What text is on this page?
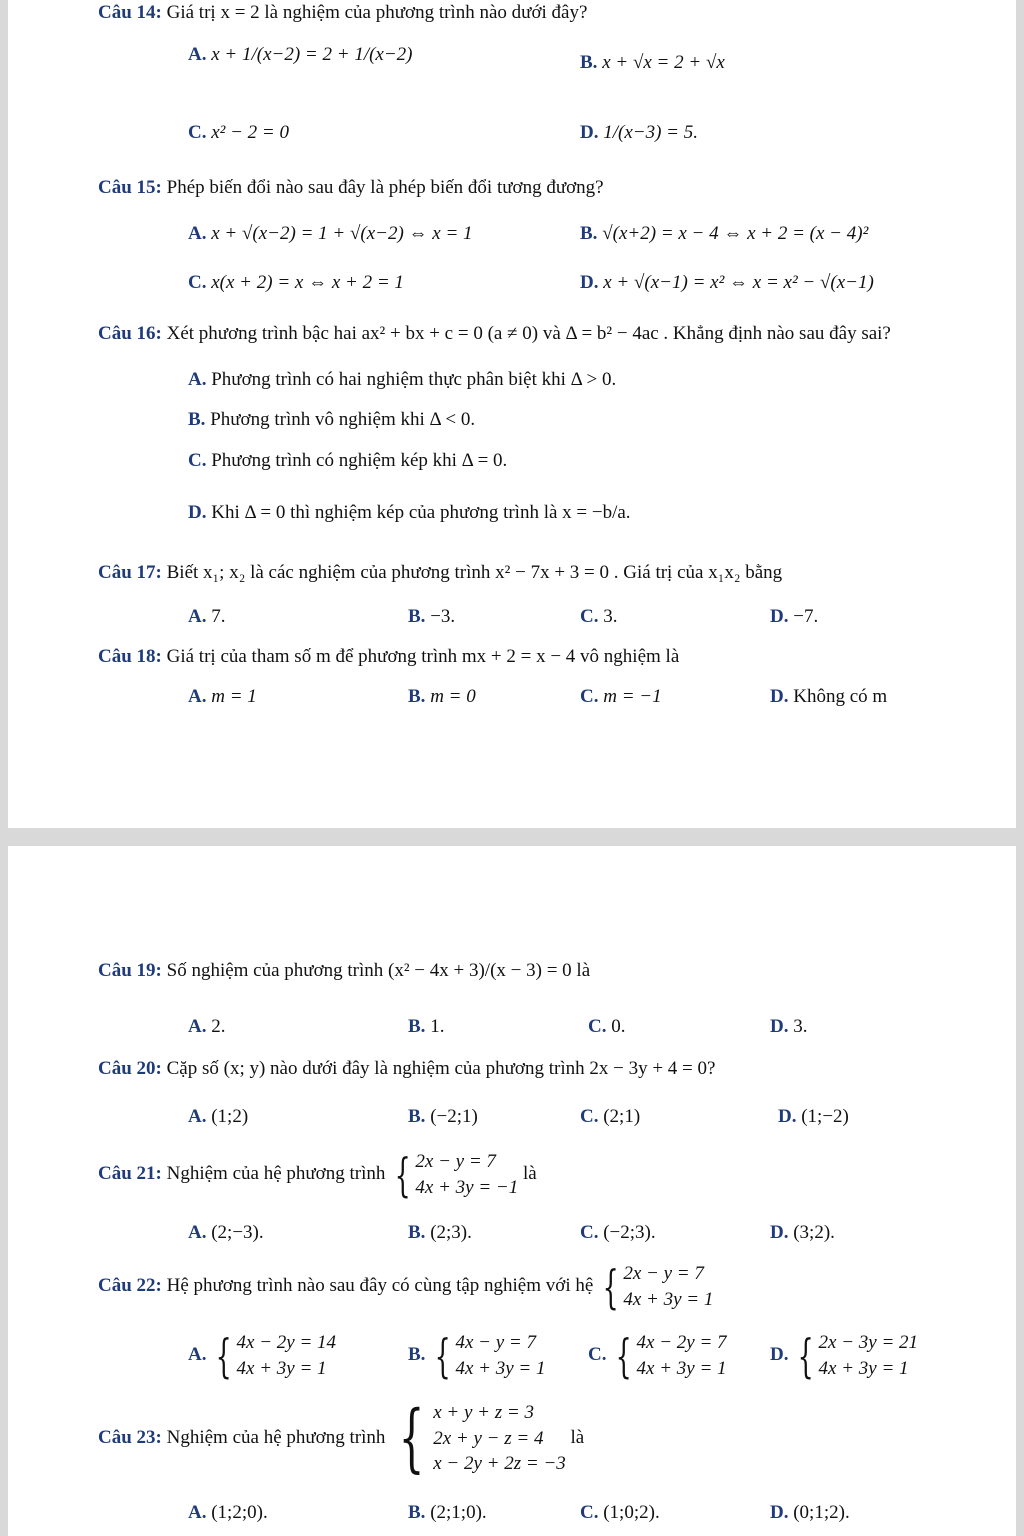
Câu 14: Giá trị x = 2 là nghiệm của phương trình nào dưới đây?
A. x + 1/(x−2) = 2 + 1/(x−2)	B. x + √x = 2 + √x
C. x² − 2 = 0	D. 1/(x−3) = 5.
Câu 15: Phép biến đổi nào sau đây là phép biến đổi tương đương?
A. x + √(x−2) = 1 + √(x−2) ⇔ x = 1	B. √(x+2) = x − 4 ⇔ x + 2 = (x − 4)²
C. x(x + 2) = x ⇔ x + 2 = 1	D. x + √(x−1) = x² ⇔ x = x² − √(x−1)
Câu 16: Xét phương trình bậc hai ax² + bx + c = 0 (a ≠ 0) và Δ = b² − 4ac . Khẳng định nào sau đây sai?
A. Phương trình có hai nghiệm thực phân biệt khi Δ > 0.
B. Phương trình vô nghiệm khi Δ < 0.
C. Phương trình có nghiệm kép khi Δ = 0.
D. Khi Δ = 0 thì nghiệm kép của phương trình là x = −b/a.
Câu 17: Biết x₁; x₂ là các nghiệm của phương trình x² − 7x + 3 = 0 . Giá trị của x₁x₂ bằng
A. 7.	B. −3.	C. 3.	D. −7.
Câu 18: Giá trị của tham số m để phương trình mx + 2 = x − 4 vô nghiệm là
A. m = 1	B. m = 0	C. m = −1	D. Không có m
Câu 19: Số nghiệm của phương trình (x² − 4x + 3)/(x − 3) = 0 là
A. 2.	B. 1.	C. 0.	D. 3.
Câu 20: Cặp số (x; y) nào dưới đây là nghiệm của phương trình 2x − 3y + 4 = 0?
A. (1;2)	B. (−2;1)	C. (2;1)	D. (1;−2)
Câu 21: Nghiệm của hệ phương trình { 2x − y = 7
4x + 3y = −1
là
A. (2;−3).	B. (2;3).	C. (−2;3).	D. (3;2).
Câu 22: Hệ phương trình nào sau đây có cùng tập nghiệm với hệ { 2x − y = 7
4x + 3y = 1
A. { 4x − 2y = 14
4x + 3y = 1
B. { 4x − y = 7
4x + 3y = 1
C. { 4x − 2y = 7
4x + 3y = 1
D. { 2x − 3y = 21
4x + 3y = 1
Câu 23: Nghiệm của hệ phương trình { x + y + z = 3
2x + y − z = 4
x − 2y + 2z = −3
là
A. (1;2;0).	B. (2;1;0).	C. (1;0;2).	D. (0;1;2).
